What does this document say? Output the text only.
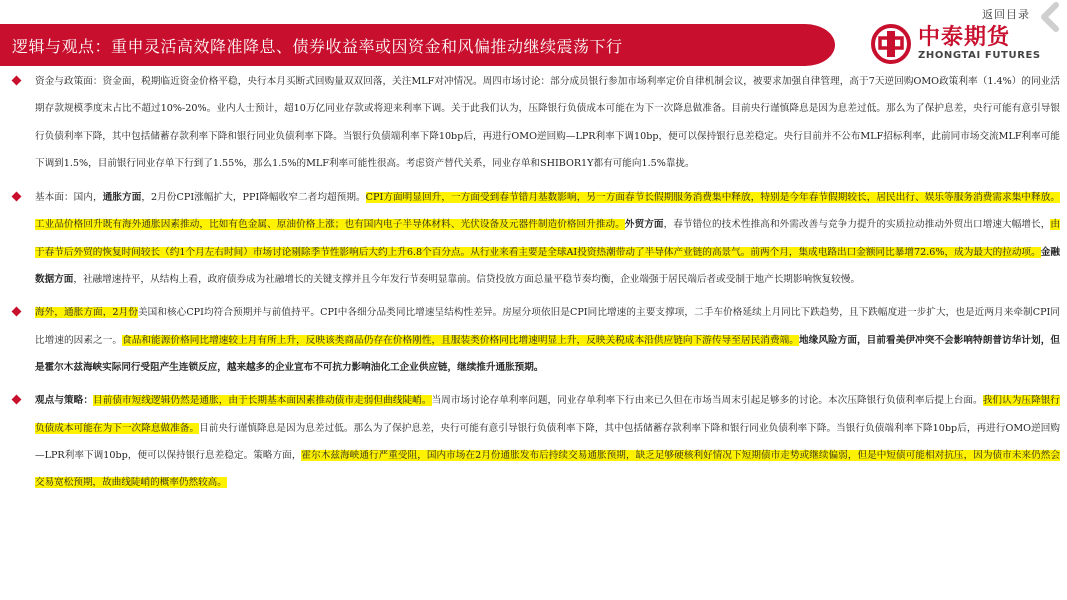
返回目录
逻辑与观点：重申灵活高效降准降息、债券收益率或因资金和风偏推动继续震荡下行	中泰期货
ZHONGTAI FUTURES
资金与政策面：资金面，税期临近资金价格平稳，央行本月买断式回购量双双回落，关注MLF对冲情况。周四市场讨论：部分成员银行参加市场利率定价自律机制会议，被要求加强自律管理，高于7天逆回购OMO政策利率（1.4%）的同业活期存款规模季度末占比不超过10%-20%。业内人士预计，超10万亿同业存款或将迎来利率下调。关于此我们认为，压降银行负债成本可能在为下一次降息做准备。目前央行谨慎降息是因为息差过低。那么为了保护息差，央行可能有意引导银行负债利率下降，其中包括储蓄存款利率下降和银行同业负债利率下降。当银行负债端利率下降10bp后，再进行OMO逆回购—LPR利率下调10bp，便可以保持银行息差稳定。央行目前并不公布MLF招标利率，此前同市场交流MLF利率可能下调到1.5%，目前银行同业存单下行到了1.55%，那么1.5%的MLF利率可能性很高。考虑资产替代关系，同业存单和SHIBOR1Y都有可能向1.5%靠拢。
基本面：国内，通胀方面，2月份CPI涨幅扩大，PPI降幅收窄二者均超预期。CPI方面明显回升，一方面受到春节错月基数影响，另一方面春节长假期服务消费集中释放，特别是今年春节假期较长，居民出行、娱乐等服务消费需求集中释放。工业品价格回升既有海外通胀因素推动，比如有色金属、原油价格上涨；也有国内电子半导体材料、光伏设备及元器件制造价格回升推动。外贸方面，春节错位的技术性推高和外需改善与竞争力提升的实质拉动推动外贸出口增速大幅增长，由于春节后外贸的恢复时间较长（约1个月左右时间）市场讨论剔除季节性影响后大约上升6.8个百分点。从行业来看主要是全球AI投资热潮带动了半导体产业链的高景气。前两个月，集成电路出口金额同比暴增72.6%，成为最大的拉动项。金融数据方面，社融增速持平，从结构上看，政府债券成为社融增长的关键支撑并且今年发行节奏明显靠前。信贷投放方面总量平稳节奏均衡，企业端强于居民端后者或受制于地产长期影响恢复较慢。
海外，通胀方面，2月份美国和核心CPI均符合预期并与前值持平。CPI中各细分品类同比增速呈结构性差异。房屋分项依旧是CPI同比增速的主要支撑项，二手车价格延续上月同比下跌趋势，且下跌幅度进一步扩大，也是近两月来牵制CPI同比增速的因素之一。食品和能源价格同比增速较上月有所上升，反映该类商品仍存在价格刚性，且服装类价格同比增速明显上升，反映关税成本沿供应链向下游传导至居民消费端。地缘风险方面，目前看美伊冲突不会影响特朗普访华计划，但是霍尔木兹海峡实际同行受阻产生连锁反应，越来越多的企业宣布不可抗力影响油化工企业供应链，继续推升通胀预期。
观点与策略：目前债市短线逻辑仍然是通胀，由于长期基本面因素推动债市走弱但曲线陡峭。当周市场讨论存单利率问题，同业存单利率下行由来已久但在市场当周末引起足够多的讨论。本次压降银行负债利率后提上台面。我们认为压降银行负债成本可能在为下一次降息做准备。目前央行谨慎降息是因为息差过低。那么为了保护息差，央行可能有意引导银行负债利率下降，其中包括储蓄存款利率下降和银行同业负债利率下降。当银行负债端利率下降10bp后，再进行OMO逆回购—LPR利率下调10bp，便可以保持银行息差稳定。策略方面，霍尔木兹海峡通行严重受阻，国内市场在2月份通胀发布后持续交易通胀预期，缺乏足够硬核利好情况下短期债市走势或继续偏弱，但是中短债可能相对抗压，因为债市未来仍然会交易宽松预期，故曲线陡峭的概率仍然较高。
